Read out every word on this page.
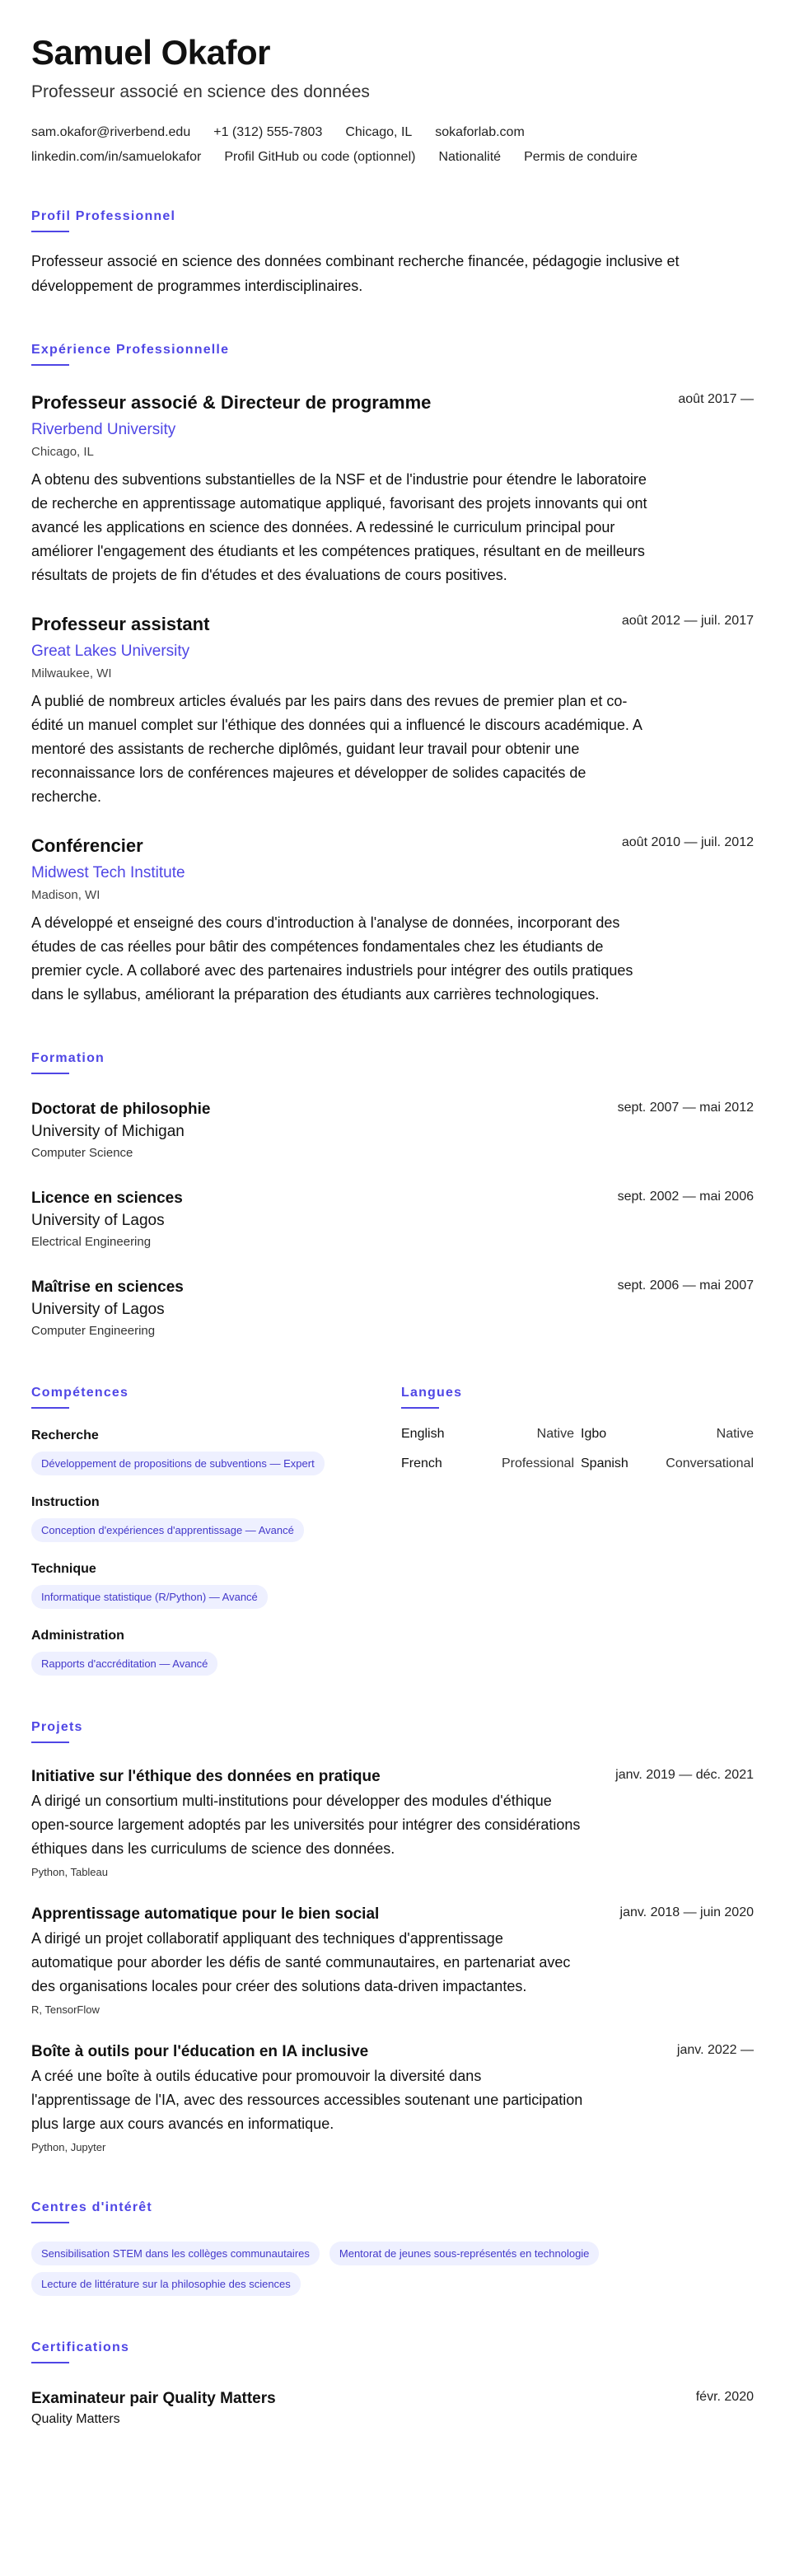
Samuel Okafor
Professeur associé en science des données
sam.okafor@riverbend.edu +1 (312) 555-7803 Chicago, IL sokaforlab.com
linkedin.com/in/samuelokafor Profil GitHub ou code (optionnel) Nationalité Permis de conduire
Profil Professionnel
Professeur associé en science des données combinant recherche financée, pédagogie inclusive et développement de programmes interdisciplinaires.
Expérience Professionnelle
Professeur associé & Directeur de programme	août 2017 —
Riverbend University
Chicago, IL
A obtenu des subventions substantielles de la NSF et de l'industrie pour étendre le laboratoire de recherche en apprentissage automatique appliqué, favorisant des projets innovants qui ont avancé les applications en science des données. A redessiné le curriculum principal pour améliorer l'engagement des étudiants et les compétences pratiques, résultant en de meilleurs résultats de projets de fin d'études et des évaluations de cours positives.
Professeur assistant	août 2012 — juil. 2017
Great Lakes University
Milwaukee, WI
A publié de nombreux articles évalués par les pairs dans des revues de premier plan et co-édité un manuel complet sur l'éthique des données qui a influencé le discours académique. A mentoré des assistants de recherche diplômés, guidant leur travail pour obtenir une reconnaissance lors de conférences majeures et développer de solides capacités de recherche.
Conférencier	août 2010 — juil. 2012
Midwest Tech Institute
Madison, WI
A développé et enseigné des cours d'introduction à l'analyse de données, incorporant des études de cas réelles pour bâtir des compétences fondamentales chez les étudiants de premier cycle. A collaboré avec des partenaires industriels pour intégrer des outils pratiques dans le syllabus, améliorant la préparation des étudiants aux carrières technologiques.
Formation
Doctorat de philosophie	sept. 2007 — mai 2012
University of Michigan
Computer Science
Licence en sciences	sept. 2002 — mai 2006
University of Lagos
Electrical Engineering
Maîtrise en sciences	sept. 2006 — mai 2007
University of Lagos
Computer Engineering
Compétences
Recherche
Développement de propositions de subventions — Expert
Instruction
Conception d'expériences d'apprentissage — Avancé
Technique
Informatique statistique (R/Python) — Avancé
Administration
Rapports d'accréditation — Avancé
Langues
English	Native Igbo	Native
French	Professional Spanish	Conversational
Projets
Initiative sur l'éthique des données en pratique	janv. 2019 — déc. 2021
A dirigé un consortium multi-institutions pour développer des modules d'éthique open-source largement adoptés par les universités pour intégrer des considérations éthiques dans les curriculums de science des données.
Python, Tableau
Apprentissage automatique pour le bien social	janv. 2018 — juin 2020
A dirigé un projet collaboratif appliquant des techniques d'apprentissage automatique pour aborder les défis de santé communautaires, en partenariat avec des organisations locales pour créer des solutions data-driven impactantes.
R, TensorFlow
Boîte à outils pour l'éducation en IA inclusive	janv. 2022 —
A créé une boîte à outils éducative pour promouvoir la diversité dans l'apprentissage de l'IA, avec des ressources accessibles soutenant une participation plus large aux cours avancés en informatique.
Python, Jupyter
Centres d'intérêt
Sensibilisation STEM dans les collèges communautaires	Mentorat de jeunes sous-représentés en technologie
Lecture de littérature sur la philosophie des sciences
Certifications
Examinateur pair Quality Matters	févr. 2020
Quality Matters
